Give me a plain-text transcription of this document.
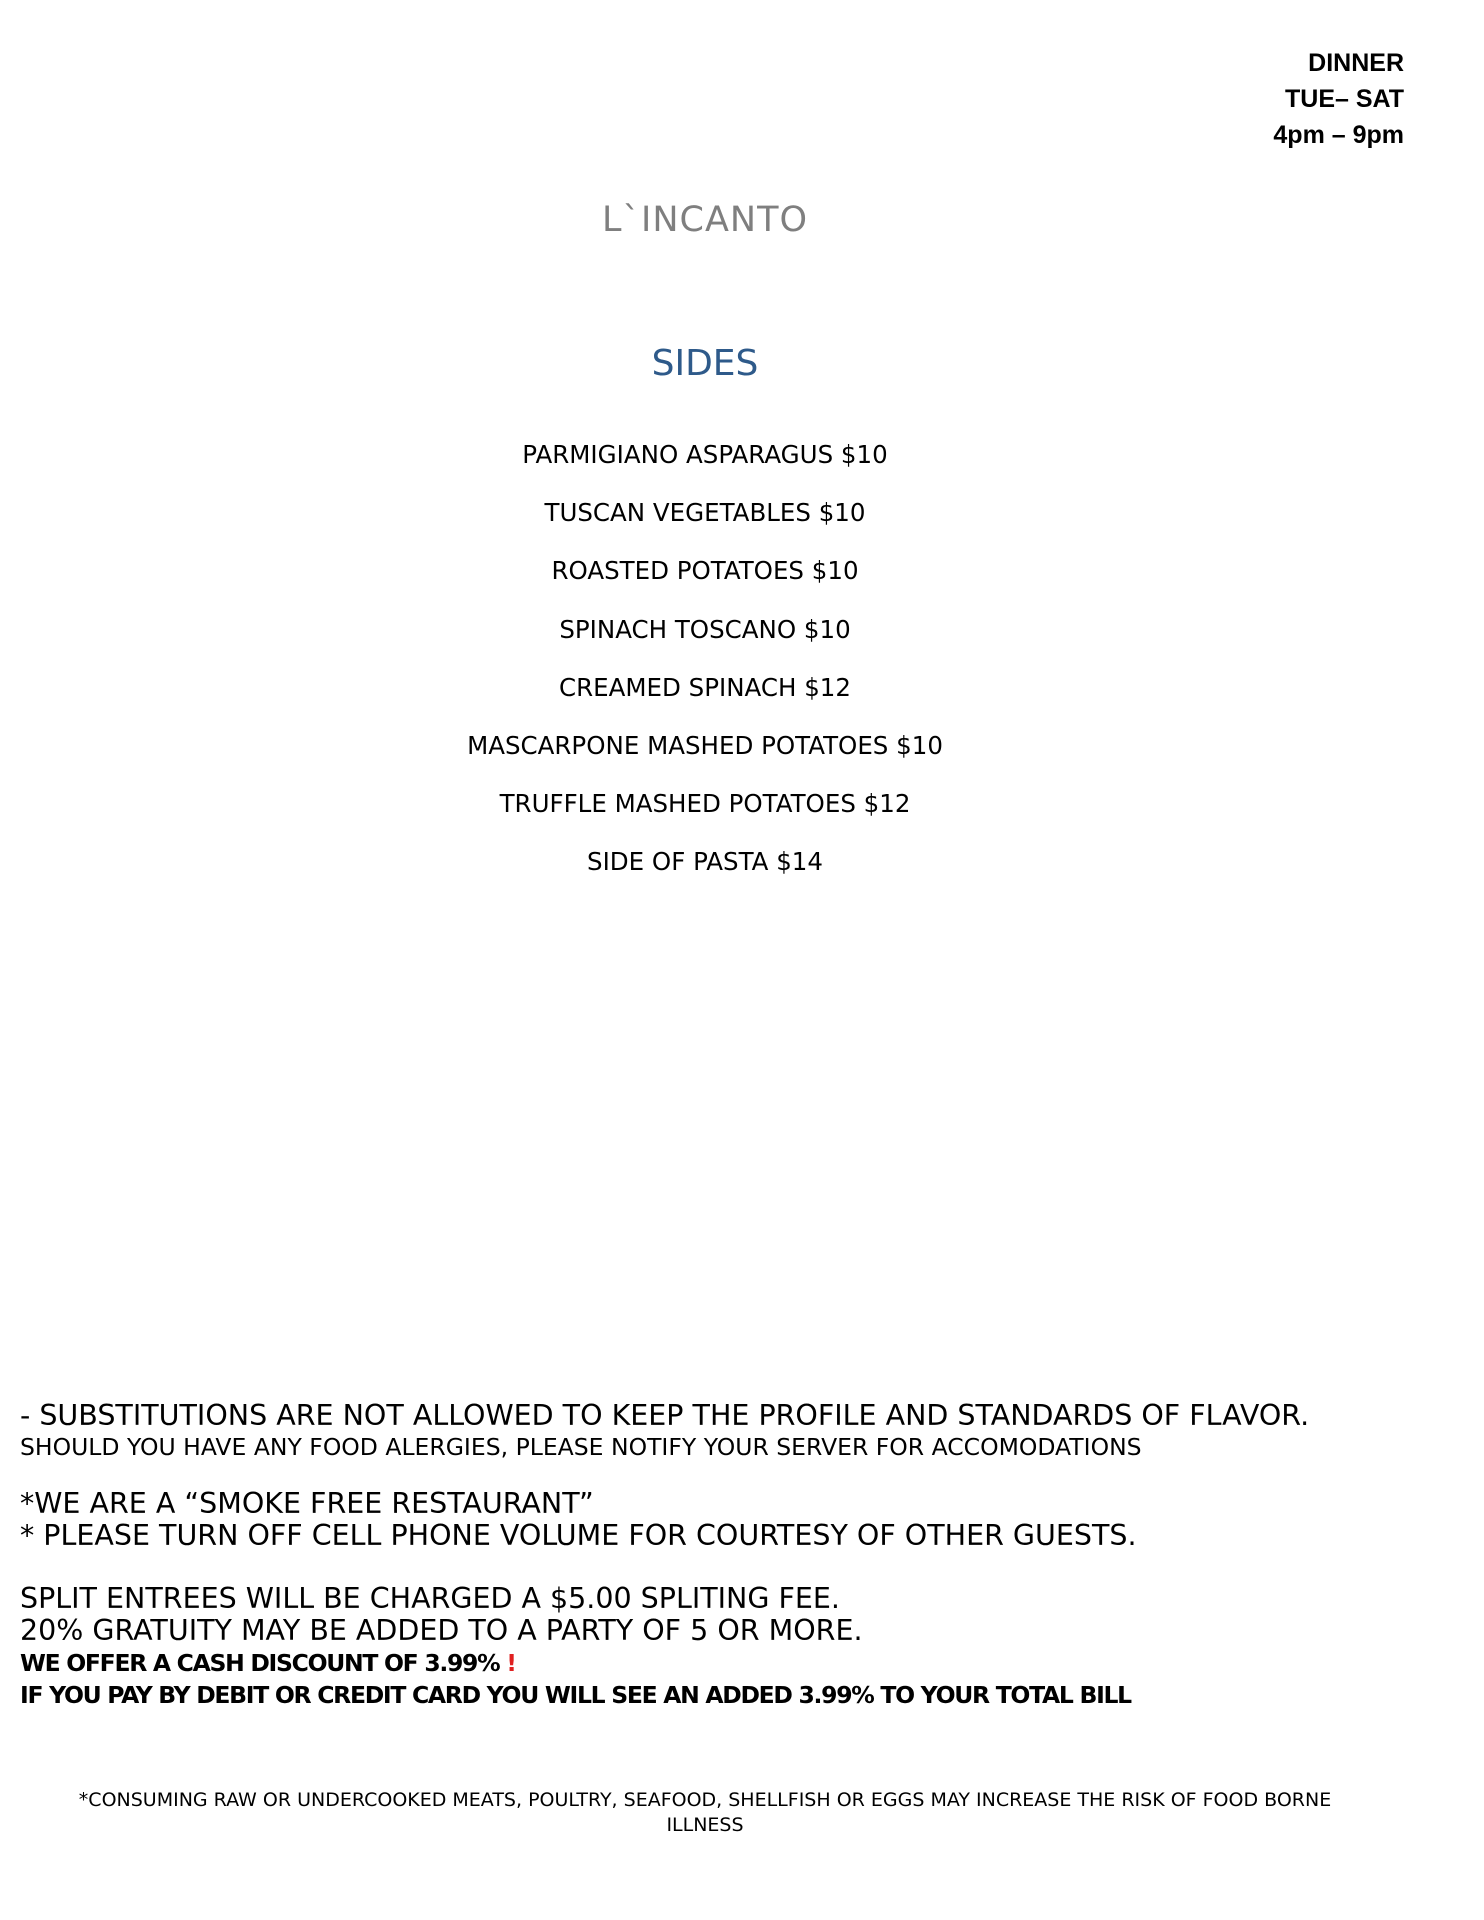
DINNER
TUE– SAT
4pm – 9pm
L`INCANTO
SIDES
PARMIGIANO ASPARAGUS $10
TUSCAN VEGETABLES $10
ROASTED POTATOES $10
SPINACH TOSCANO $10
CREAMED SPINACH $12
MASCARPONE MASHED POTATOES $10
TRUFFLE MASHED POTATOES $12
SIDE OF PASTA $14
- SUBSTITUTIONS ARE NOT ALLOWED TO KEEP THE PROFILE AND STANDARDS OF FLAVOR.
SHOULD YOU HAVE ANY FOOD ALERGIES, PLEASE NOTIFY YOUR SERVER FOR ACCOMODATIONS
*WE ARE A “SMOKE FREE RESTAURANT”
* PLEASE TURN OFF CELL PHONE VOLUME FOR COURTESY OF OTHER GUESTS.
SPLIT ENTREES WILL BE CHARGED A $5.00 SPLITING FEE.
20% GRATUITY MAY BE ADDED TO A PARTY OF 5 OR MORE.
WE OFFER A CASH DISCOUNT OF 3.99% !
IF YOU PAY BY DEBIT OR CREDIT CARD YOU WILL SEE AN ADDED 3.99% TO YOUR TOTAL BILL
*CONSUMING RAW OR UNDERCOOKED MEATS, POULTRY, SEAFOOD, SHELLFISH OR EGGS MAY INCREASE THE RISK OF FOOD BORNE ILLNESS
